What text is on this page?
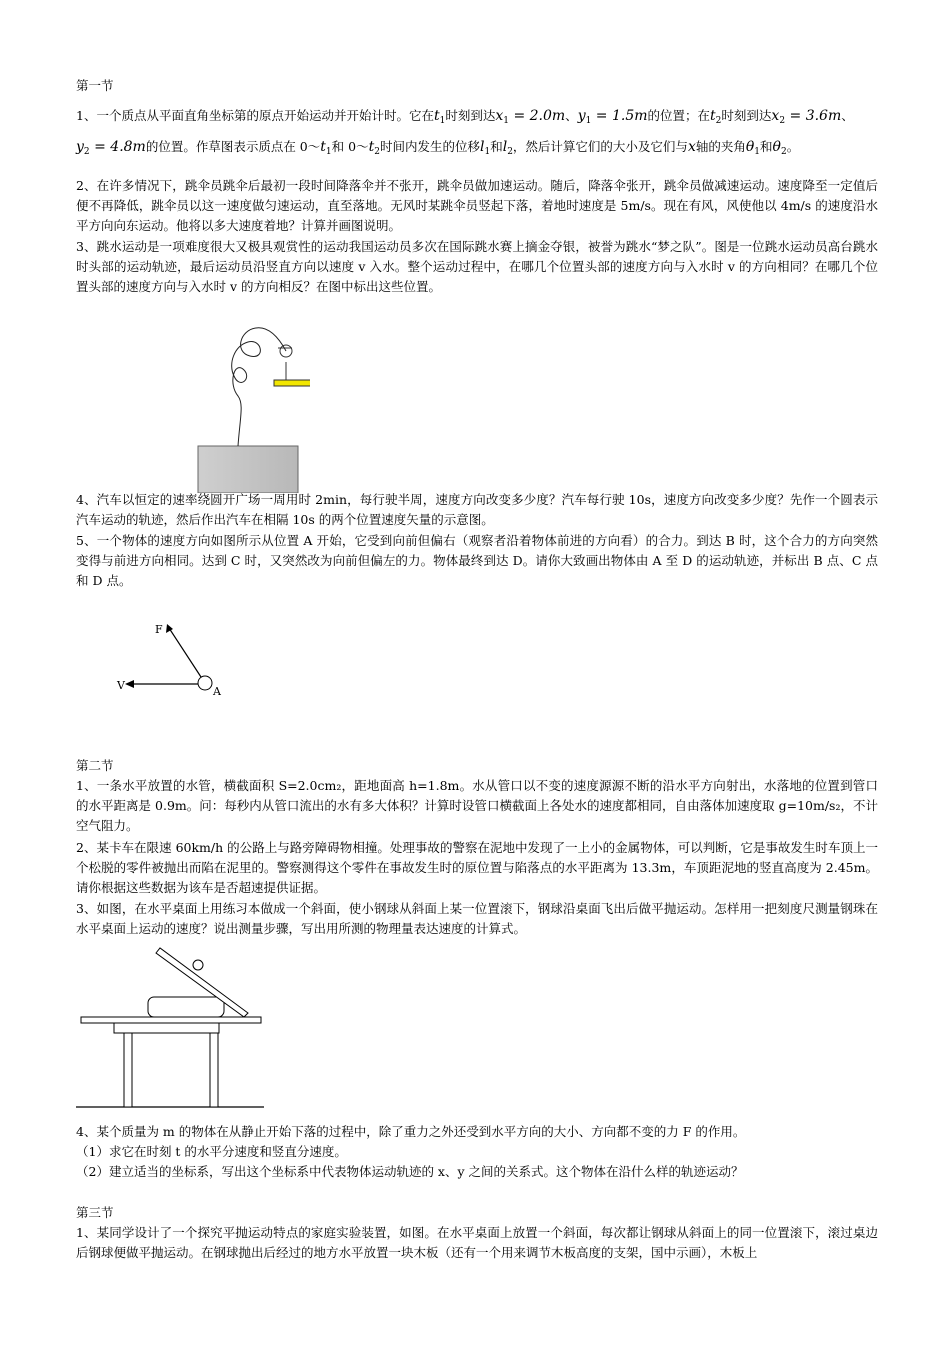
第一节
1、一个质点从平面直角坐标第的原点开始运动并开始计时。它在$t_1$时刻到达$x_1 = 2.0m$、$y_1 = 1.5m$的位置；在$t_2$时刻到达$x_2 = 3.6m$、
$y_2 = 4.8m$的位置。作草图表示质点在 $0\sim t_1$和 $0\sim t_2$时间内发生的位移$l_1$和$l_2$，然后计算它们的大小及它们与x轴的夹角$\theta_1$和$\theta_2$。
2、在许多情况下，跳伞员跳伞后最初一段时间降落伞并不张开，跳伞员做加速运动。随后，降落伞张开，跳伞员做减速运动。速度降至一定值后便不再降低，跳伞员以这一速度做匀速运动，直至落地。无风时某跳伞员竖起下落，着地时速度是 5m/s。现在有风，风使他以 4m/s 的速度沿水平方向向东运动。他将以多大速度着地？计算并画图说明。
3、跳水运动是一项难度很大又极具观赏性的运动我国运动员多次在国际跳水赛上摘金夺银，被誉为跳水“梦之队”。图是一位跳水运动员高台跳水时头部的运动轨迹，最后运动员沿竖直方向以速度 v 入水。整个运动过程中，在哪几个位置头部的速度方向与入水时 v 的方向相同？在哪几个位置头部的速度方向与入水时 v 的方向相反？在图中标出这些位置。
4、汽车以恒定的速率绕圆开广场一周用时 2min，每行驶半周，速度方向改变多少度？汽车每行驶 10s，速度方向改变多少度？先作一个圆表示汽车运动的轨迹，然后作出汽车在相隔 10s 的两个位置速度矢量的示意图。
5、一个物体的速度方向如图所示从位置 A 开始，它受到向前但偏右（观察者沿着物体前进的方向看）的合力。到达 B 时，这个合力的方向突然变得与前进方向相同。达到 C 时，又突然改为向前但偏左的力。物体最终到达 D。请你大致画出物体由 A 至 D 的运动轨迹，并标出 B 点、C 点和 D 点。
F
V	A
第二节
1、一条水平放置的水管，横截面积 S=2.0cm₂，距地面高 h=1.8m。水从管口以不变的速度源源不断的沿水平方向射出，水落地的位置到管口的水平距离是 0.9m。问：每秒内从管口流出的水有多大体积？计算时设管口横截面上各处水的速度都相同，自由落体加速度取 g=10m/s₂，不计空气阻力。
2、某卡车在限速 60km/h 的公路上与路旁障碍物相撞。处理事故的警察在泥地中发现了一上小的金属物体，可以判断，它是事故发生时车顶上一个松脱的零件被抛出而陷在泥里的。警察测得这个零件在事故发生时的原位置与陷落点的水平距离为 13.3m，车顶距泥地的竖直高度为 2.45m。请你根据这些数据为该车是否超速提供证据。
3、如图，在水平桌面上用练习本做成一个斜面，使小钢球从斜面上某一位置滚下，钢球沿桌面飞出后做平抛运动。怎样用一把刻度尺测量钢珠在水平桌面上运动的速度？说出测量步骤，写出用所测的物理量表达速度的计算式。
4、某个质量为 m 的物体在从静止开始下落的过程中，除了重力之外还受到水平方向的大小、方向都不变的力 F 的作用。
（1）求它在时刻 t 的水平分速度和竖直分速度。
（2）建立适当的坐标系，写出这个坐标系中代表物体运动轨迹的 x、y 之间的关系式。这个物体在沿什么样的轨迹运动？
第三节
1、某同学设计了一个探究平抛运动特点的家庭实验装置，如图。在水平桌面上放置一个斜面，每次都让钢球从斜面上的同一位置滚下，滚过桌边后钢球便做平抛运动。在钢球抛出后经过的地方水平放置一块木板（还有一个用来调节木板高度的支架，国中示画），木板上
